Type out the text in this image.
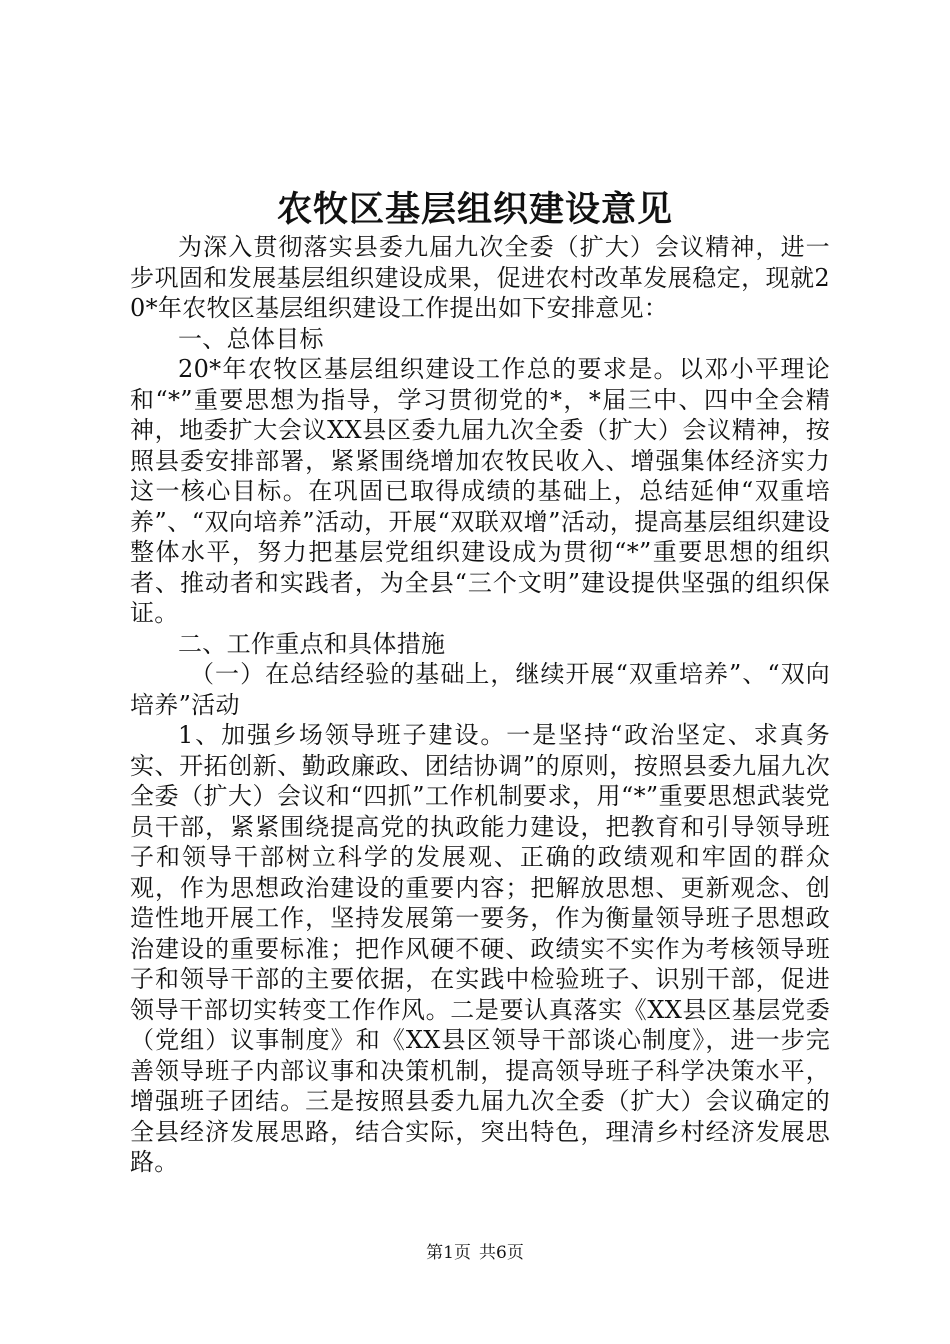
农牧区基层组织建设意见

为深入贯彻落实县委九届九次全委（扩大）会议精神，进一步巩固和发展基层组织建设成果，促进农村改革发展稳定，现就20*年农牧区基层组织建设工作提出如下安排意见：

一、总体目标

20*年农牧区基层组织建设工作总的要求是。以邓小平理论和“*”重要思想为指导，学习贯彻党的*，*届三中、四中全会精神，地委扩大会议XX县区委九届九次全委（扩大）会议精神，按照县委安排部署，紧紧围绕增加农牧民收入、增强集体经济实力这一核心目标。在巩固已取得成绩的基础上，总结延伸“双重培养”、“双向培养”活动，开展“双联双增”活动，提高基层组织建设整体水平，努力把基层党组织建设成为贯彻“*”重要思想的组织者、推动者和实践者，为全县“三个文明”建设提供坚强的组织保证。

二、工作重点和具体措施

（一）在总结经验的基础上，继续开展“双重培养”、“双向培养”活动

1、加强乡场领导班子建设。一是坚持“政治坚定、求真务实、开拓创新、勤政廉政、团结协调”的原则，按照县委九届九次全委（扩大）会议和“四抓”工作机制要求，用“*”重要思想武装党员干部，紧紧围绕提高党的执政能力建设，把教育和引导领导班子和领导干部树立科学的发展观、正确的政绩观和牢固的群众观，作为思想政治建设的重要内容；把解放思想、更新观念、创造性地开展工作，坚持发展第一要务，作为衡量领导班子思想政治建设的重要标准；把作风硬不硬、政绩实不实作为考核领导班子和领导干部的主要依据，在实践中检验班子、识别干部，促进领导干部切实转变工作作风。二是要认真落实《XX县区基层党委（党组）议事制度》和《XX县区领导干部谈心制度》，进一步完善领导班子内部议事和决策机制，提高领导班子科学决策水平，增强班子团结。三是按照县委九届九次全委（扩大）会议确定的全县经济发展思路，结合实际，突出特色，理清乡村经济发展思路。

第1页 共6页
